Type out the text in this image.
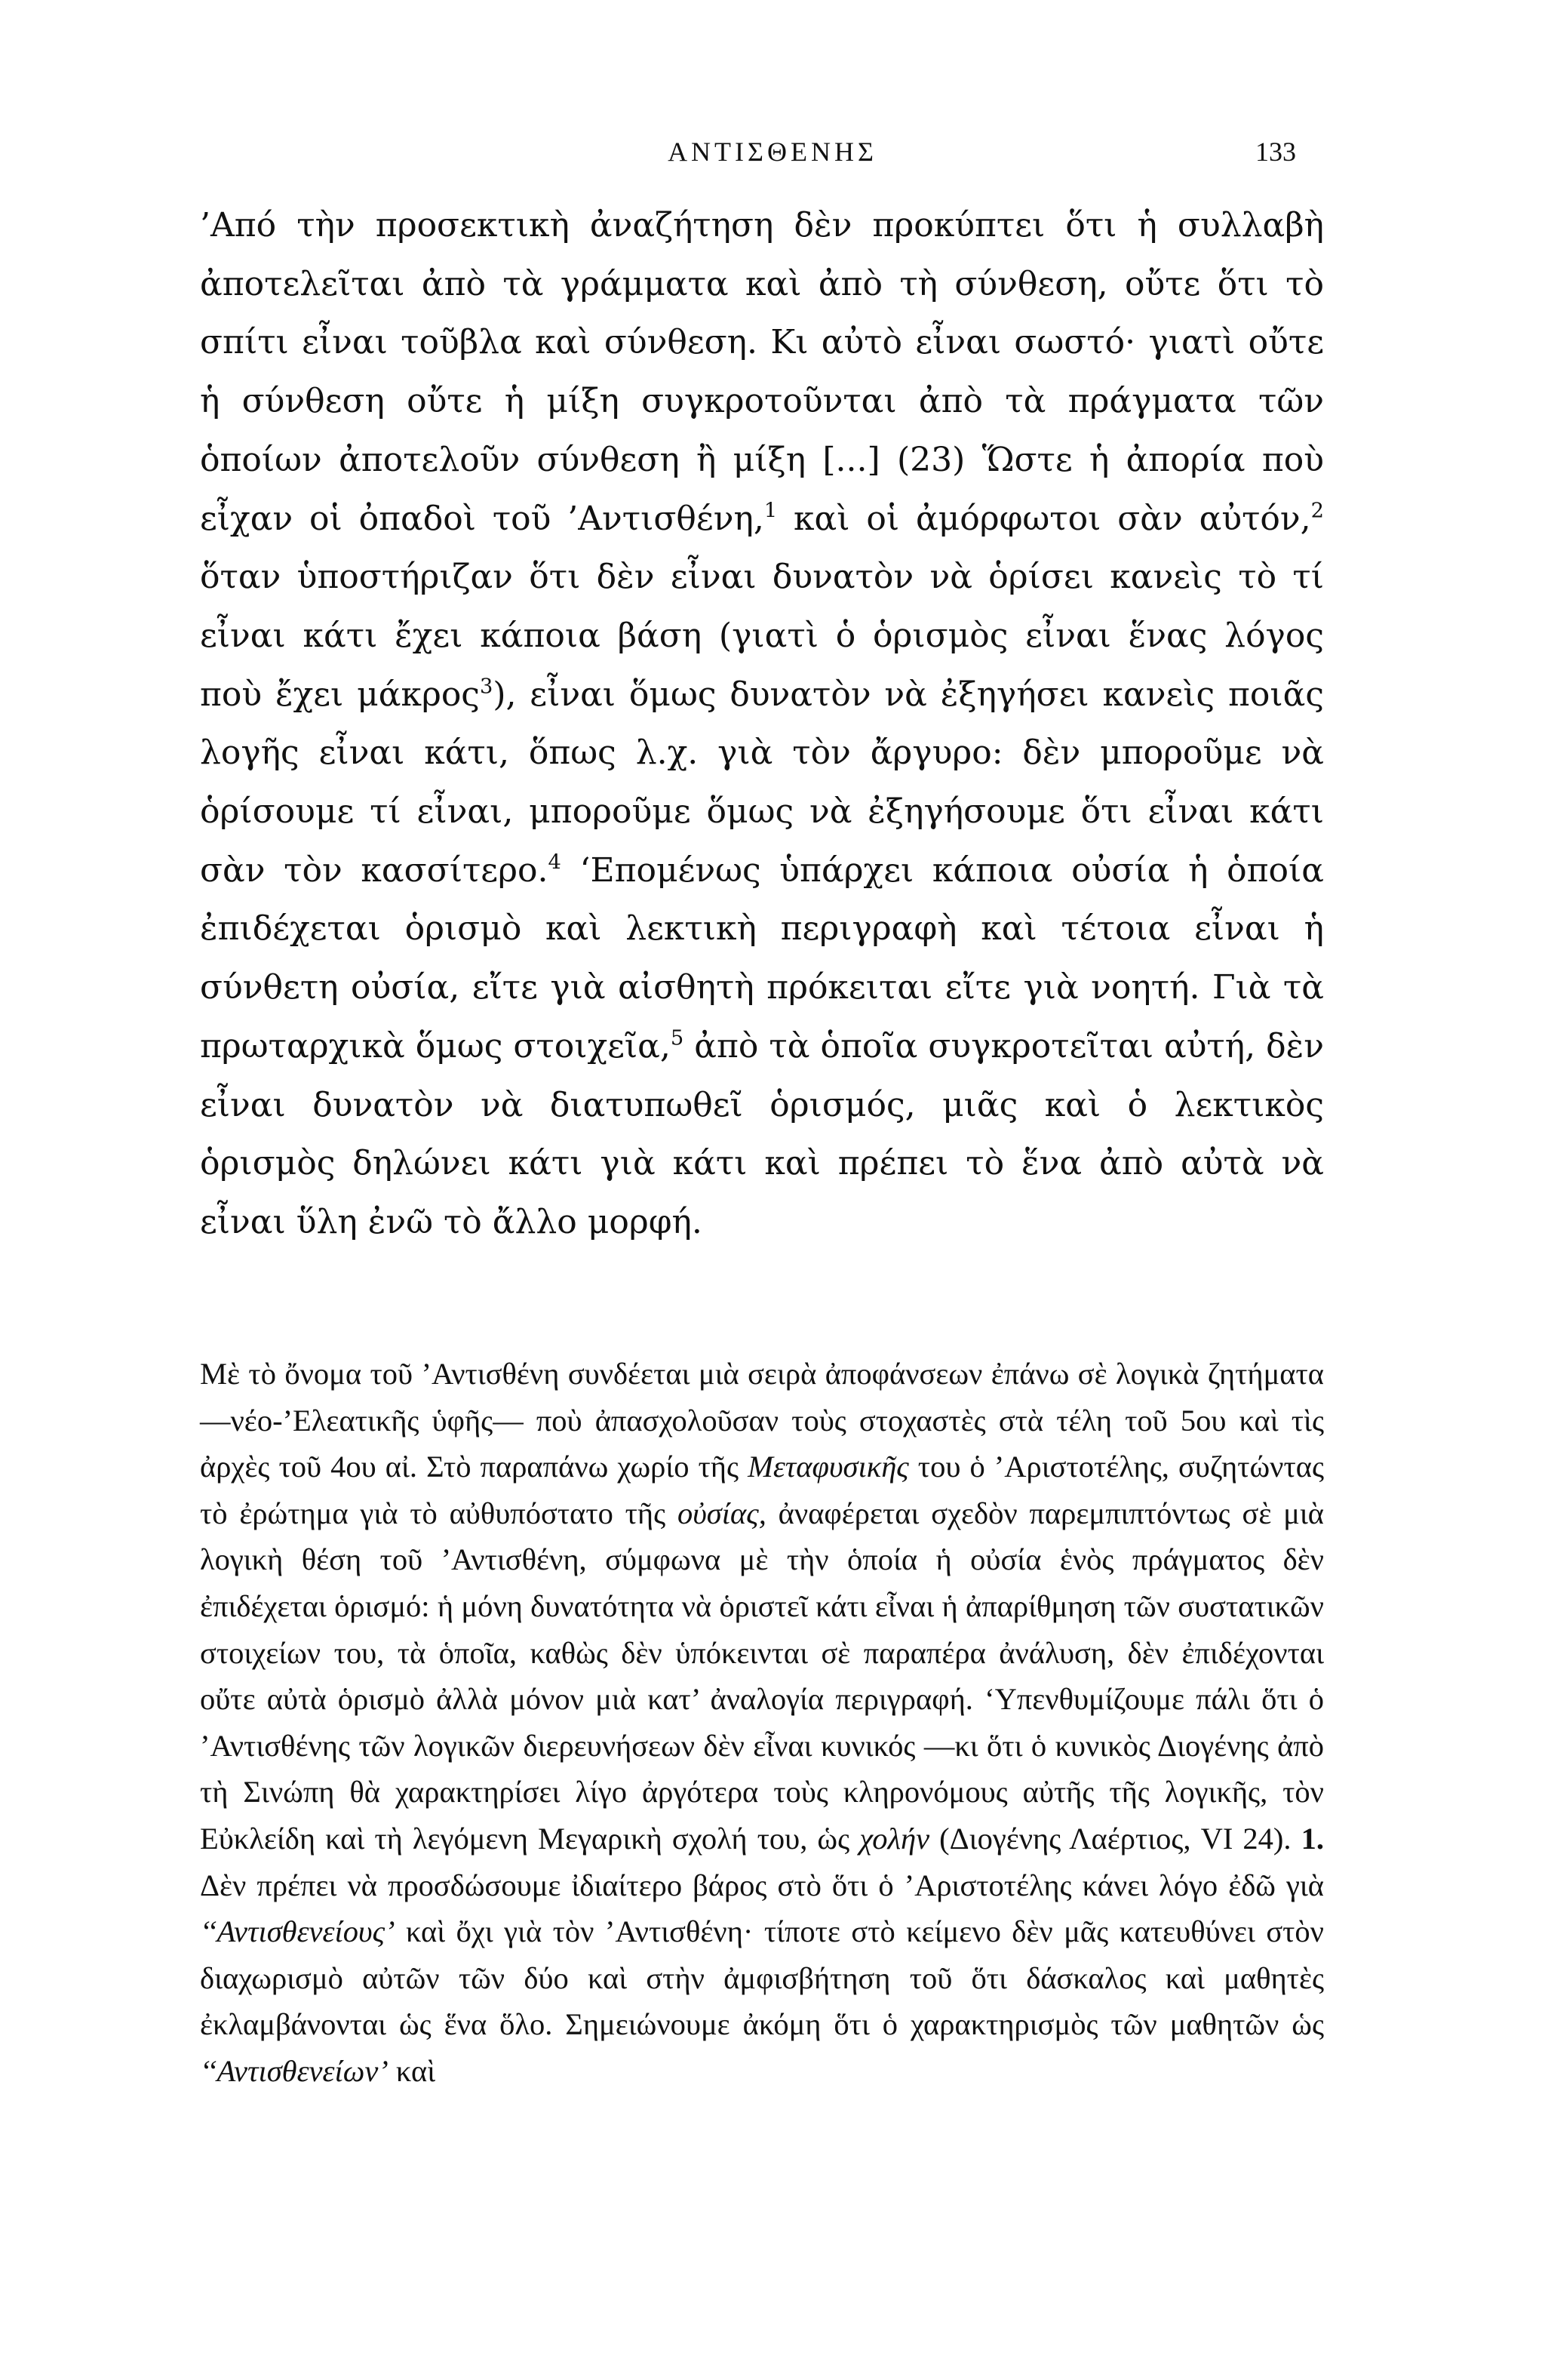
ΑΝΤΙΣΘΕΝΗΣ	133

’Από τὴν προσεκτικὴ ἀναζήτηση δὲν προκύπτει ὅτι ἡ συλλαβὴ ἀποτελεῖται ἀπὸ τὰ γράμματα καὶ ἀπὸ τὴ σύνθεση, οὔτε ὅτι τὸ σπίτι εἶναι τοῦβλα καὶ σύνθεση. Κι αὐτὸ εἶναι σωστό· γιατὶ οὔτε ἡ σύνθεση οὔτε ἡ μίξη συγκροτοῦνται ἀπὸ τὰ πράγματα τῶν ὁποίων ἀποτελοῦν σύνθεση ἢ μίξη [...] (23) Ὥστε ἡ ἀπορία ποὺ εἶχαν οἱ ὀπαδοὶ τοῦ ’Αντισθένη,$^1$ καὶ οἱ ἀμόρφωτοι σὰν αὐτόν,$^2$ ὅταν ὑποστήριζαν ὅτι δὲν εἶναι δυνατὸν νὰ ὁρίσει κανεὶς τὸ τί εἶναι κάτι ἔχει κάποια βάση (γιατὶ ὁ ὁρισμὸς εἶναι ἕνας λόγος ποὺ ἔχει μάκρος$^3$), εἶναι ὅμως δυνατὸν νὰ ἐξηγήσει κανεὶς ποιᾶς λογῆς εἶναι κάτι, ὅπως λ.χ. γιὰ τὸν ἄργυρο: δὲν μποροῦμε νὰ ὁρίσουμε τί εἶναι, μποροῦμε ὅμως νὰ ἐξηγήσουμε ὅτι εἶναι κάτι σὰν τὸν κασσίτερο.$^4$ ‘Επομένως ὑπάρχει κάποια οὐσία ἡ ὁποία ἐπιδέχεται ὁρισμὸ καὶ λεκτικὴ περιγραφὴ καὶ τέτοια εἶναι ἡ σύνθετη οὐσία, εἴτε γιὰ αἰσθητὴ πρόκειται εἴτε γιὰ νοητή. Γιὰ τὰ πρωταρχικὰ ὅμως στοιχεῖα,$^5$ ἀπὸ τὰ ὁποῖα συγκροτεῖται αὐτή, δὲν εἶναι δυνατὸν νὰ διατυπωθεῖ ὁρισμός, μιᾶς καὶ ὁ λεκτικὸς ὁρισμὸς δηλώνει κάτι γιὰ κάτι καὶ πρέπει τὸ ἕνα ἀπὸ αὐτὰ νὰ εἶναι ὕλη ἐνῶ τὸ ἄλλο μορφή.

Μὲ τὸ ὄνομα τοῦ ’Αντισθένη συνδέεται μιὰ σειρὰ ἀποφάνσεων ἐπάνω σὲ λογικὰ ζητήματα —νέο-’Ελεατικῆς ὑφῆς— ποὺ ἀπασχολοῦσαν τοὺς στοχαστὲς στὰ τέλη τοῦ 5ου καὶ τὶς ἀρχὲς τοῦ 4ου αἰ. Στὸ παραπάνω χωρίο τῆς Μεταφυσικῆς του ὁ ’Αριστοτέλης, συζητώντας τὸ ἐρώτημα γιὰ τὸ αὐθυπόστατο τῆς οὐσίας, ἀναφέρεται σχεδὸν παρεμπιπτόντως σὲ μιὰ λογικὴ θέση τοῦ ’Αντισθένη, σύμφωνα μὲ τὴν ὁποία ἡ οὐσία ἑνὸς πράγματος δὲν ἐπιδέχεται ὁρισμό: ἡ μόνη δυνατότητα νὰ ὁριστεῖ κάτι εἶναι ἡ ἀπαρίθμηση τῶν συστατικῶν στοιχείων του, τὰ ὁποῖα, καθὼς δὲν ὑπόκεινται σὲ παραπέρα ἀνάλυση, δὲν ἐπιδέχονται οὔτε αὐτὰ ὁρισμὸ ἀλλὰ μόνον μιὰ κατ’ ἀναλογία περιγραφή. ‘Υπενθυμίζουμε πάλι ὅτι ὁ ’Αντισθένης τῶν λογικῶν διερευνήσεων δὲν εἶναι κυνικός —κι ὅτι ὁ κυνικὸς Διογένης ἀπὸ τὴ Σινώπη θὰ χαρακτηρίσει λίγο ἀργότερα τοὺς κληρονόμους αὐτῆς τῆς λογικῆς, τὸν Εὐκλείδη καὶ τὴ λεγόμενη Μεγαρικὴ σχολή του, ὡς χολήν (Διογένης Λαέρτιος, VI 24). 1. Δὲν πρέπει νὰ προσδώσουμε ἰδιαίτερο βάρος στὸ ὅτι ὁ ’Αριστοτέλης κάνει λόγο ἐδῶ γιὰ ‘‘Αντισθενείους’ καὶ ὄχι γιὰ τὸν ’Αντισθένη· τίποτε στὸ κείμενο δὲν μᾶς κατευθύνει στὸν διαχωρισμὸ αὐτῶν τῶν δύο καὶ στὴν ἀμφισβήτηση τοῦ ὅτι δάσκαλος καὶ μαθητὲς ἐκλαμβάνονται ὡς ἕνα ὅλο. Σημειώνουμε ἀκόμη ὅτι ὁ χαρακτηρισμὸς τῶν μαθητῶν ὡς ‘‘Αντισθενείων’ καὶ
